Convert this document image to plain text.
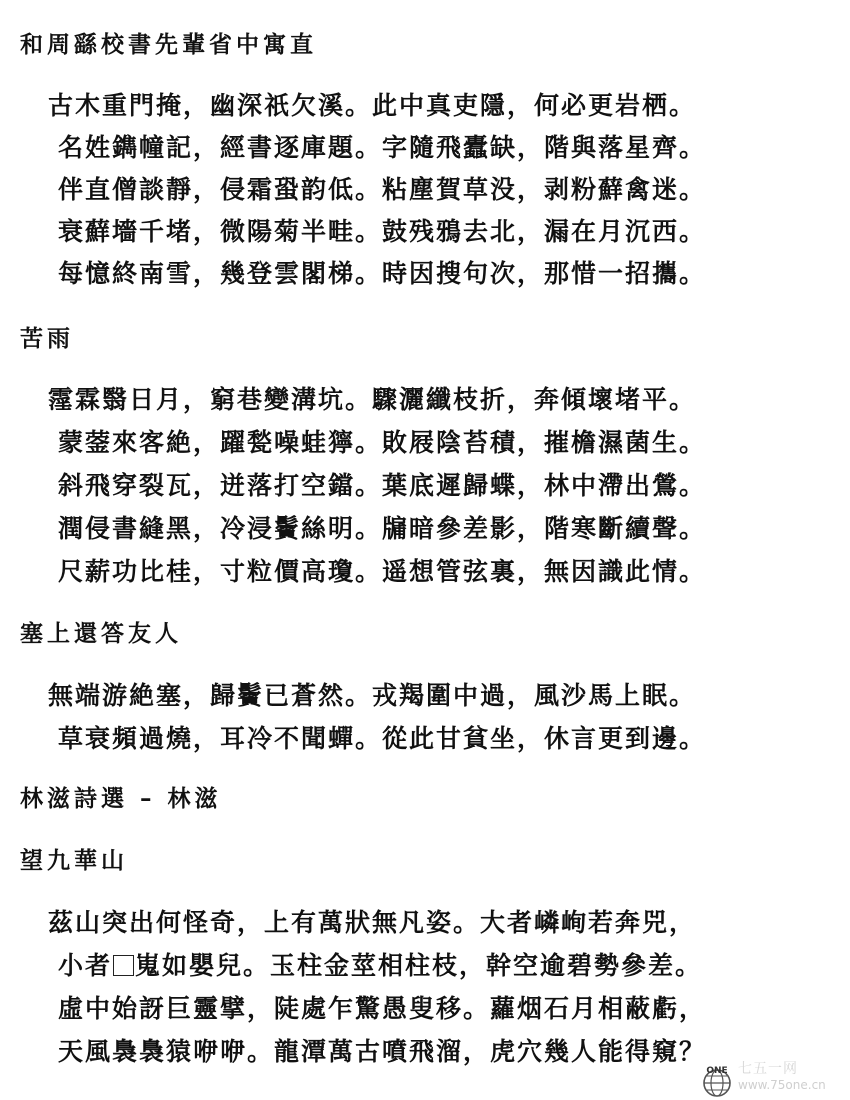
和周繇校書先輩省中寓直
古木重門掩，幽深祇欠溪。此中真吏隱，何必更岩栖。
名姓鐫幢記，經書逐庫題。字隨飛蠹缺，階與落星齊。
伴直僧談靜，侵霜蛩韵低。粘塵賀草没，剥粉蘚禽迷。
衰蘚墻千堵，微陽菊半畦。鼓残鴉去北，漏在月沉西。
每憶終南雪，幾登雲閣梯。時因搜句次，那惜一招攜。
苦雨
霪霖翳日月，窮巷變溝坑。驟灑纖枝折，奔傾壞堵平。
蒙蓥來客絶，躍甃噪蛙獰。敗屐陰苔積，摧檐濕菌生。
斜飛穿裂瓦，迸落打空鐺。葉底遲歸蝶，林中滯出鶯。
潤侵書縫黑，冷浸鬢絲明。牖暗參差影，階寒斷續聲。
尺薪功比桂，寸粒價高瓊。遥想管弦裏，無因識此情。
塞上還答友人
無端游絶塞，歸鬢已蒼然。戎羯圍中過，風沙馬上眠。
草衰頻過燒，耳冷不聞蟬。從此甘貧坐，休言更到邊。
林滋詩選 – 林滋
望九華山
茲山突出何怪奇，上有萬狀無凡姿。大者嶙峋若奔兕，
小者 嵬如嬰兒。玉柱金莖相柱枝，幹空逾碧勢參差。
虛中始訝巨靈擘，陡處乍驚愚叟移。蘿烟石月相蔽虧，
天風裊裊猿咿咿。龍潭萬古噴飛溜，虎穴幾人能得窺？
ONE 七五一网
www.75one.cn
